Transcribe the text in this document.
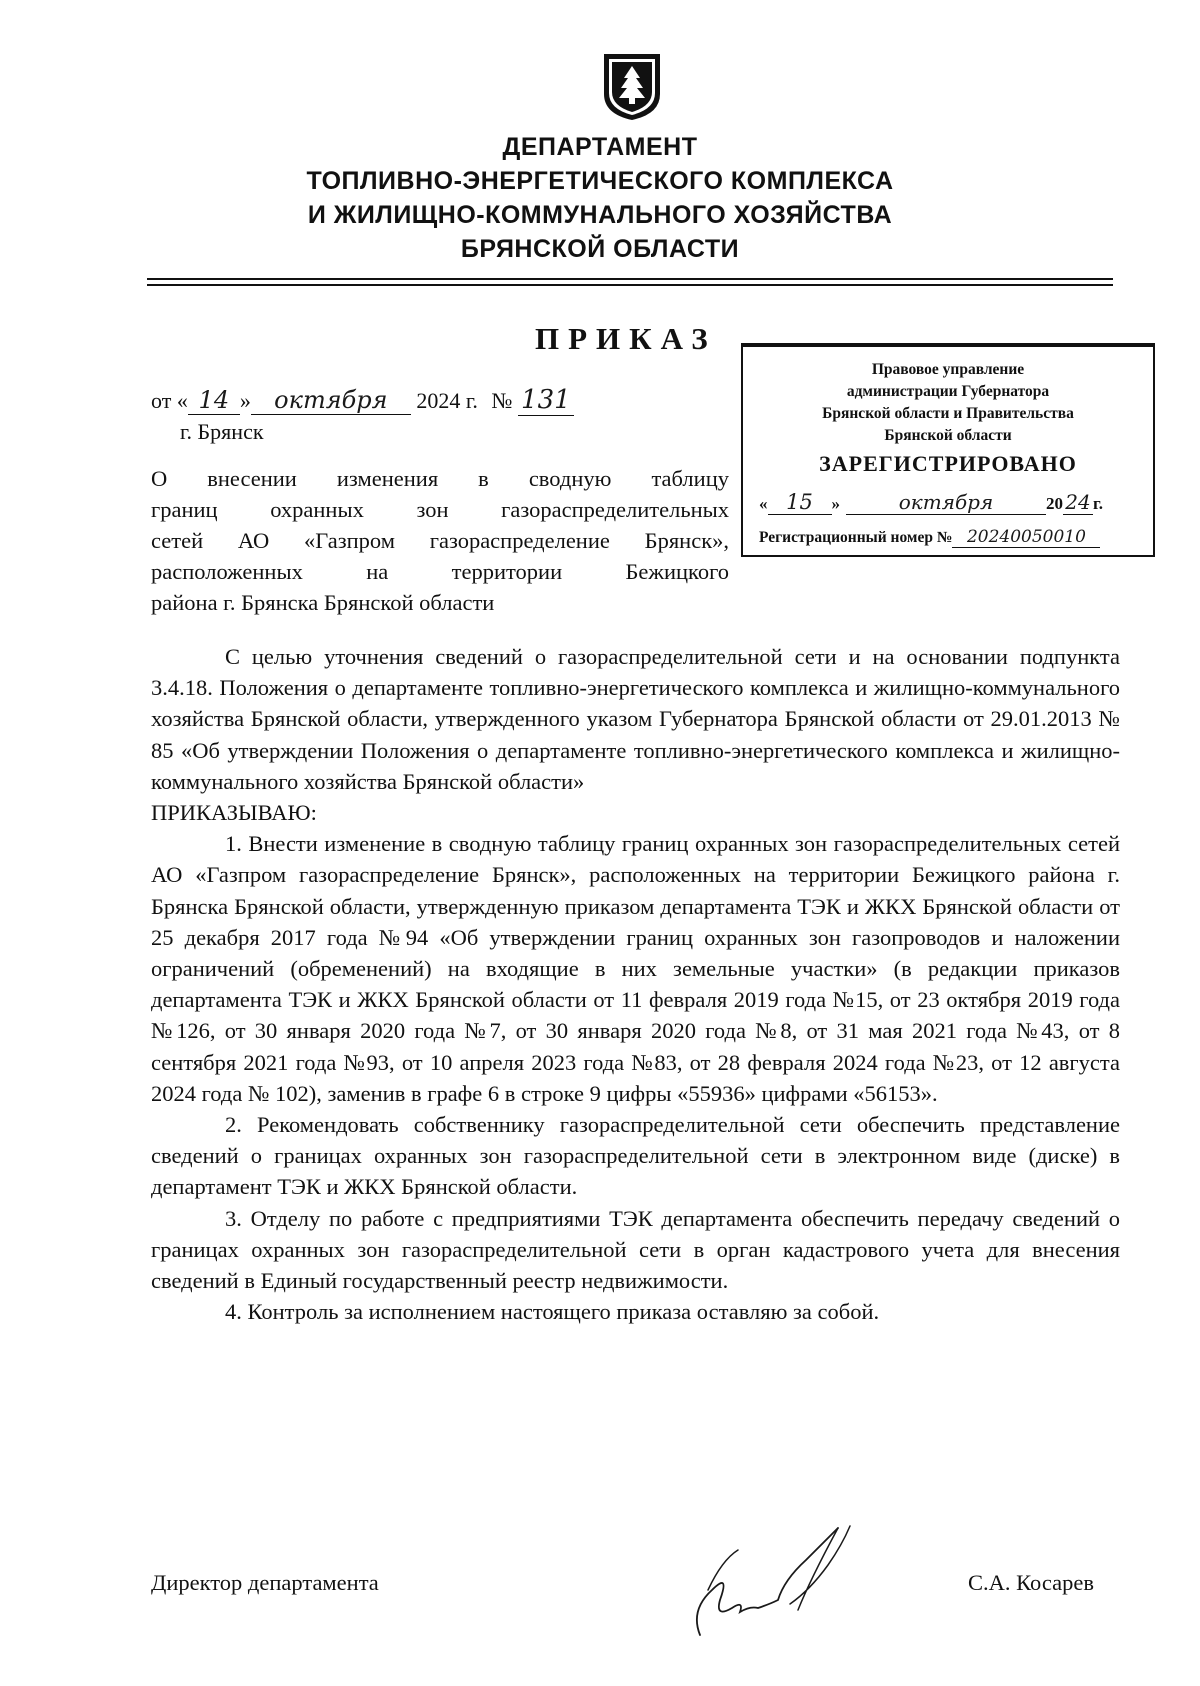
ДЕПАРТАМЕНТ
ТОПЛИВНО-ЭНЕРГЕТИЧЕСКОГО КОМПЛЕКСА
И ЖИЛИЩНО-КОММУНАЛЬНОГО ХОЗЯЙСТВА
БРЯНСКОЙ ОБЛАСТИ
ПРИКАЗ
от « 14 » октября 2024 г. № 131
г. Брянск
Правовое управление
администрации Губернатора
Брянской области и Правительства
Брянской области
ЗАРЕГИСТРИРОВАНО
« 15 »	октября	20 24 г.
Регистрационный номер № 20240050010
О внесении изменения в сводную таблицу
границ охранных зон газораспределительных
сетей АО «Газпром газораспределение Брянск»,
расположенных на территории Бежицкого
района г. Брянска Брянской области
С целью уточнения сведений о газораспределительной сети и на основании подпункта 3.4.18. Положения о департаменте топливно-энергетического комплекса и жилищно-коммунального хозяйства Брянской области, утвержденного указом Губернатора Брянской области от 29.01.2013 № 85 «Об утверждении Положения о департаменте топливно-энергетического комплекса и жилищно-коммунального хозяйства Брянской области»
ПРИКАЗЫВАЮ:
1. Внести изменение в сводную таблицу границ охранных зон газораспределительных сетей АО «Газпром газораспределение Брянск», расположенных на территории Бежицкого района г. Брянска Брянской области, утвержденную приказом департамента ТЭК и ЖКХ Брянской области от 25 декабря 2017 года №94 «Об утверждении границ охранных зон газопроводов и наложении ограничений (обременений) на входящие в них земельные участки» (в редакции приказов департамента ТЭК и ЖКХ Брянской области от 11 февраля 2019 года №15, от 23 октября 2019 года №126, от 30 января 2020 года №7, от 30 января 2020 года №8, от 31 мая 2021 года №43, от 8 сентября 2021 года №93, от 10 апреля 2023 года №83, от 28 февраля 2024 года №23, от 12 августа 2024 года № 102), заменив в графе 6 в строке 9 цифры «55936» цифрами «56153».
2. Рекомендовать собственнику газораспределительной сети обеспечить представление сведений о границах охранных зон газораспределительной сети в электронном виде (диске) в департамент ТЭК и ЖКХ Брянской области.
3. Отделу по работе с предприятиями ТЭК департамента обеспечить передачу сведений о границах охранных зон газораспределительной сети в орган кадастрового учета для внесения сведений в Единый государственный реестр недвижимости.
4. Контроль за исполнением настоящего приказа оставляю за собой.
Директор департамента	С.А. Косарев
